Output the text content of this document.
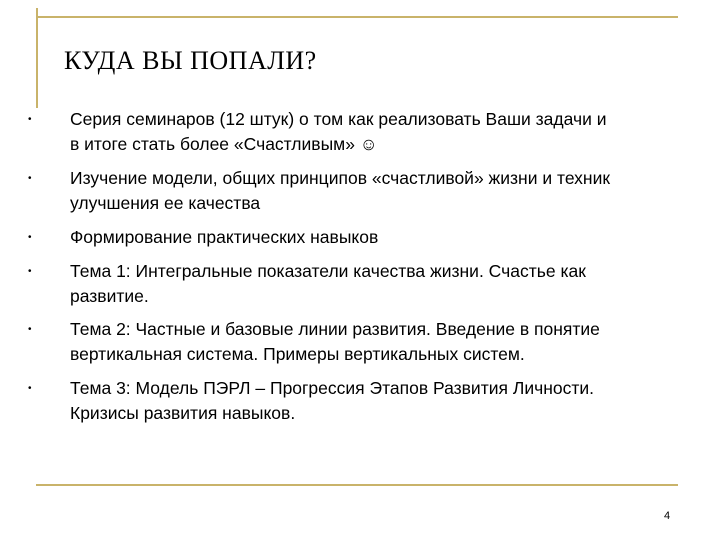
КУДА ВЫ ПОПАЛИ?
• Серия семинаров (12 штук) о том как реализовать Ваши задачи и
в итоге стать более «Счастливым» ☺
• Изучение модели, общих принципов «счастливой» жизни и техник
улучшения ее качества
• Формирование практических навыков
• Тема 1: Интегральные показатели качества жизни. Счастье как
развитие.
• Тема 2: Частные и базовые линии развития. Введение в понятие
вертикальная система. Примеры вертикальных систем.
• Тема 3: Модель ПЭРЛ – Прогрессия Этапов Развития Личности.
Кризисы развития навыков.
4
